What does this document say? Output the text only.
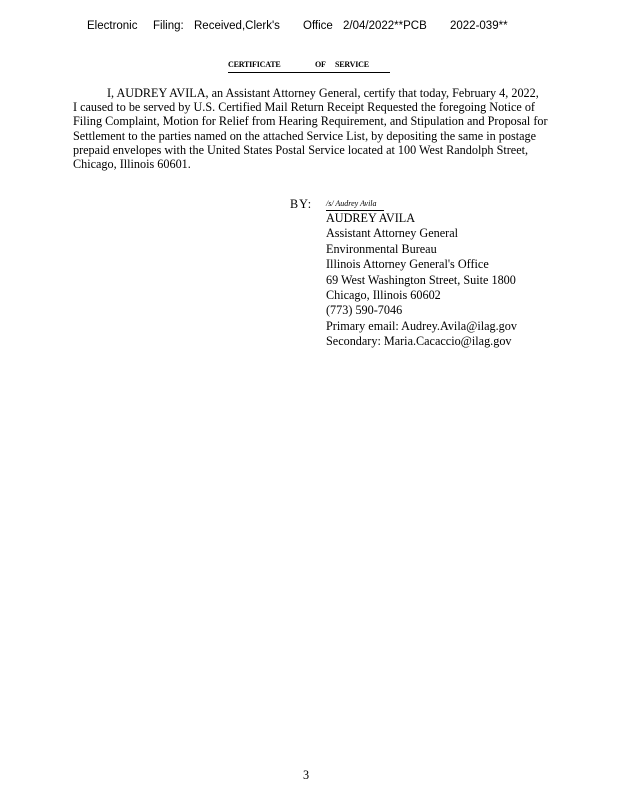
Electronic Filing: Received,Clerk's Office 2/04/2022**PCB 2022-039**
CERTIFICATE	OF SERVICE
I, AUDREY AVILA, an Assistant Attorney General, certify that today, February 4, 2022,
I caused to be served by U.S. Certified Mail Return Receipt Requested the foregoing Notice of
Filing Complaint, Motion for Relief from Hearing Requirement, and Stipulation and Proposal for
Settlement to the parties named on the attached Service List, by depositing the same in postage
prepaid envelopes with the United States Postal Service located at 100 West Randolph Street,
Chicago, Illinois 60601.
BY: /s/ Audrey Avila
AUDREY AVILA
Assistant Attorney General
Environmental Bureau
Illinois Attorney General's Office
69 West Washington Street, Suite 1800
Chicago, Illinois 60602
(773) 590-7046
Primary email: Audrey.Avila@ilag.gov
Secondary: Maria.Cacaccio@ilag.gov
3
